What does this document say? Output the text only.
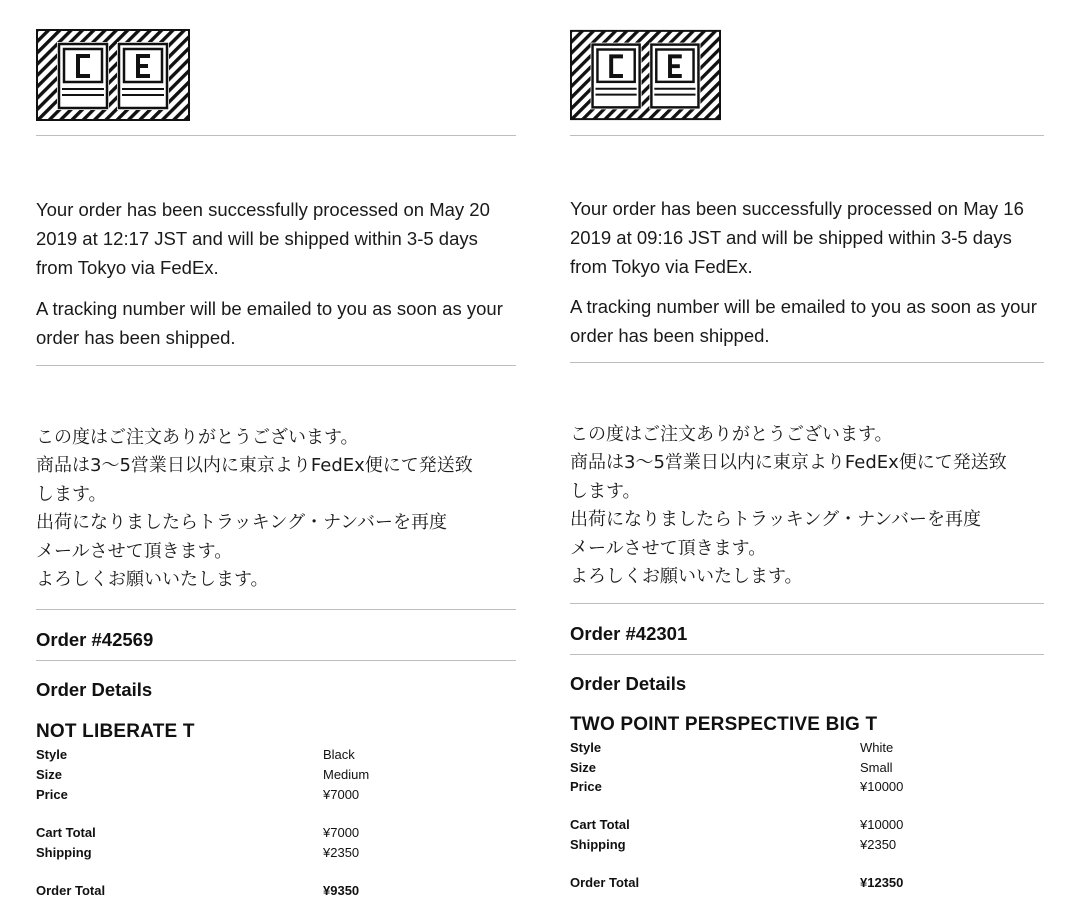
Your order has been successfully processed on May 20 2019 at 12:17 JST and will be shipped within 3-5 days from Tokyo via FedEx.

A tracking number will be emailed to you as soon as your order has been shipped.

この度はご注文ありがとうございます。
商品は3～5営業日以内に東京よりFedEx便にて発送致
します。
出荷になりましたらトラッキング・ナンバーを再度
メールさせて頂きます。
よろしくお願いいたします。
Order #42569
Order Details
NOT LIBERATE T
Style	Black
Size	Medium
Price	¥7000
Cart Total	¥7000
Shipping	¥2350
Order Total	¥9350

Your order has been successfully processed on May 16 2019 at 09:16 JST and will be shipped within 3-5 days from Tokyo via FedEx.

A tracking number will be emailed to you as soon as your order has been shipped.

この度はご注文ありがとうございます。
商品は3～5営業日以内に東京よりFedEx便にて発送致
します。
出荷になりましたらトラッキング・ナンバーを再度
メールさせて頂きます。
よろしくお願いいたします。
Order #42301
Order Details
TWO POINT PERSPECTIVE BIG T
Style	White
Size	Small
Price	¥10000
Cart Total	¥10000
Shipping	¥2350
Order Total	¥12350
